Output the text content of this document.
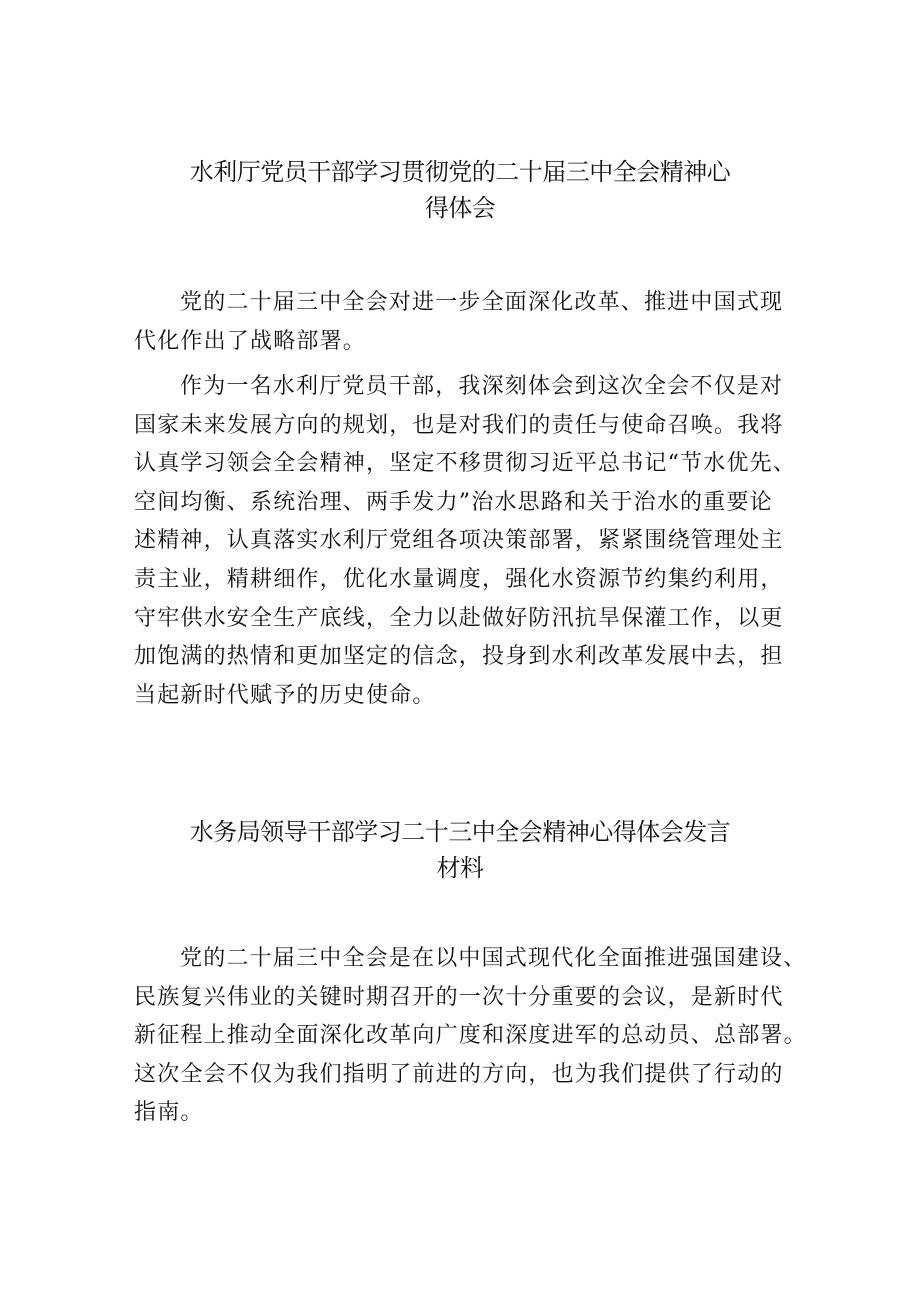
水利厅党员干部学习贯彻党的二十届三中全会精神心
得体会

党的二十届三中全会对进一步全面深化改革、推进中国式现
代化作出了战略部署。

作为一名水利厅党员干部，我深刻体会到这次全会不仅是对
国家未来发展方向的规划，也是对我们的责任与使命召唤。我将
认真学习领会全会精神，坚定不移贯彻习近平总书记“节水优先、
空间均衡、系统治理、两手发力”治水思路和关于治水的重要论
述精神，认真落实水利厅党组各项决策部署，紧紧围绕管理处主
责主业，精耕细作，优化水量调度，强化水资源节约集约利用，
守牢供水安全生产底线，全力以赴做好防汛抗旱保灌工作，以更
加饱满的热情和更加坚定的信念，投身到水利改革发展中去，担
当起新时代赋予的历史使命。

水务局领导干部学习二十三中全会精神心得体会发言
材料

党的二十届三中全会是在以中国式现代化全面推进强国建设、
民族复兴伟业的关键时期召开的一次十分重要的会议，是新时代
新征程上推动全面深化改革向广度和深度进军的总动员、总部署。
这次全会不仅为我们指明了前进的方向，也为我们提供了行动的
指南。
